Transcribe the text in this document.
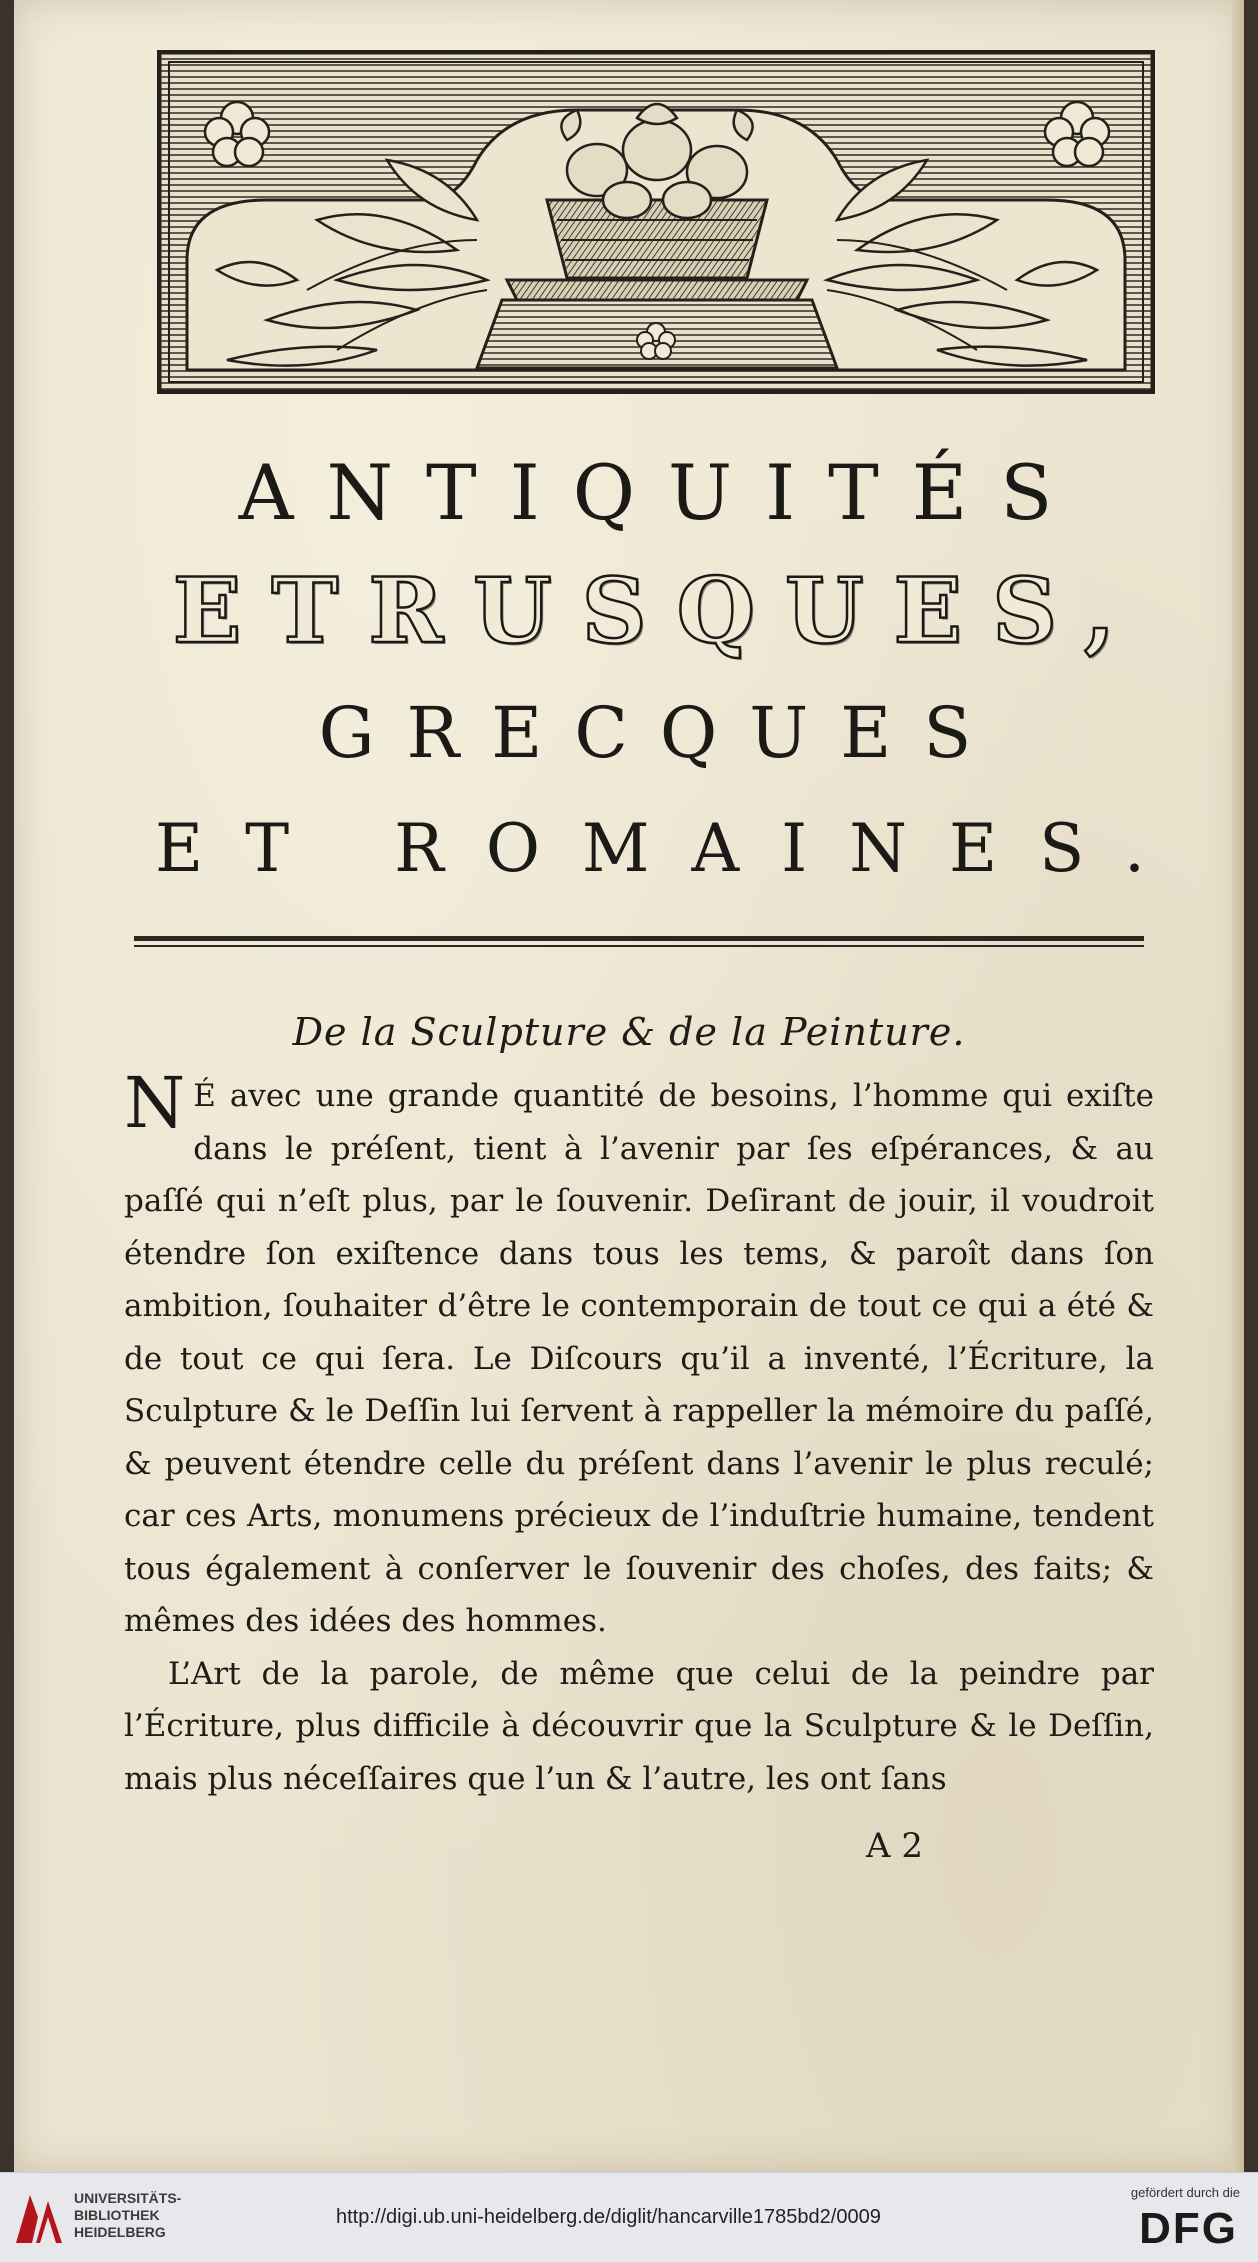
ANTIQUITÉS
ETRUSQUES,
GRECQUES
ET ROMAINES.
De la Sculpture & de la Peinture.

N É avec une grande quantité de besoins, l’homme qui exiſte dans le préſent, tient à l’avenir par ſes eſpérances, & au paſſé qui n’eſt plus, par le ſouvenir. Deſirant de jouir, il voudroit étendre ſon exiſtence dans tous les tems, & paroît dans ſon ambition, ſouhaiter d’être le contemporain de tout ce qui a été & de tout ce qui ſera. Le Diſcours qu’il a inventé, l’Écriture, la Sculpture & le Deſſin lui ſervent à rappeller la mémoire du paſſé, & peuvent étendre celle du préſent dans l’avenir le plus reculé; car ces Arts, monumens précieux de l’induſtrie humaine, tendent tous également à conſerver le ſouvenir des choſes, des faits; & mêmes des idées des hommes.

L’Art de la parole, de même que celui de la peindre par l’Écriture, plus difficile à découvrir que la Sculpture & le Deſſin, mais plus néceſſaires que l’un & l’autre, les ont ſans

A 2
UNIVERSITÄTS-
BIBLIOTHEK
HEIDELBERG
http://digi.ub.uni-heidelberg.de/diglit/hancarville1785bd2/0009
gefördert durch die
DFG
